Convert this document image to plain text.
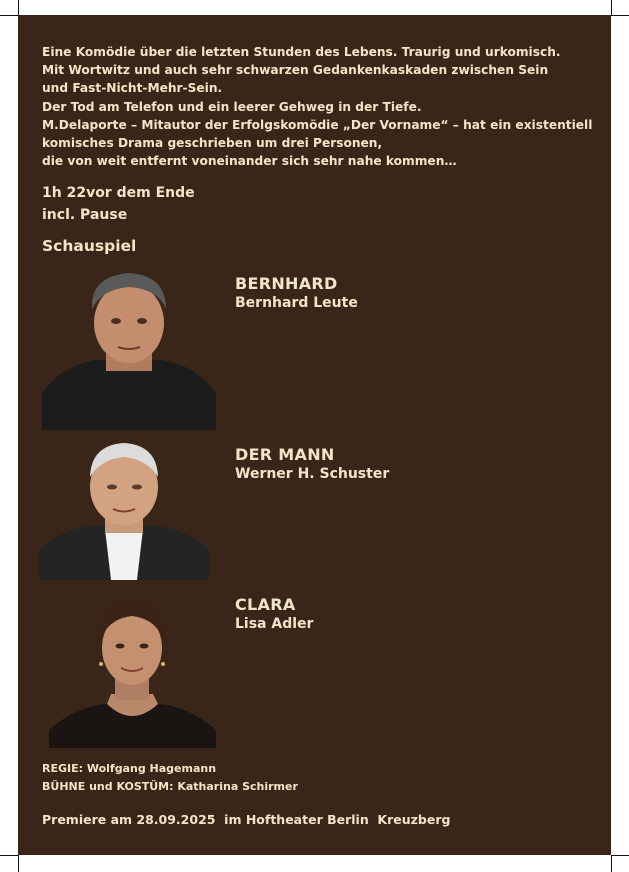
Eine Komödie über die letzten Stunden des Lebens. Traurig und urkomisch.
Mit Wortwitz und auch sehr schwarzen Gedankenkaskaden zwischen Sein
und Fast-Nicht-Mehr-Sein.
Der Tod am Telefon und ein leerer Gehweg in der Tiefe.
M.Delaporte – Mitautor der Erfolgskomödie „Der Vorname“ – hat ein existentiell
komisches Drama geschrieben um drei Personen,
die von weit entfernt voneinander sich sehr nahe kommen…
1h 22vor dem Ende
incl. Pause
Schauspiel
BERNHARD
Bernhard Leute
DER MANN
Werner H. Schuster
CLARA
Lisa Adler
REGIE: Wolfgang Hagemann
BÜHNE und KOSTÜM: Katharina Schirmer
Premiere am 28.09.2025  im Hoftheater Berlin  Kreuzberg
